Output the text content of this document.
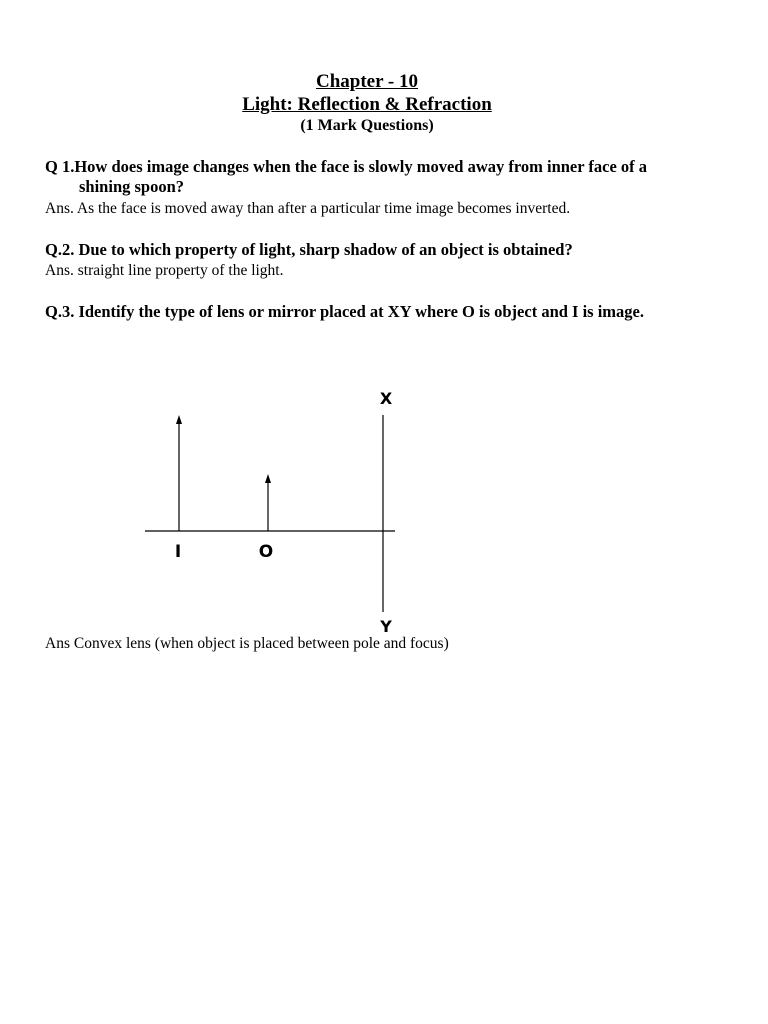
Chapter - 10
Light: Reflection & Refraction
(1 Mark Questions)
Q 1.How does image changes when the face is slowly moved away from inner face of a
shining spoon?
Ans. As the face is moved away than after a particular time image becomes inverted.
Q.2. Due to which property of light, sharp shadow of an object is obtained?
Ans. straight line property of the light.
Q.3. Identify the type of lens or mirror placed at XY where O is object and I is image.
X
Y
I	O
Ans Convex lens (when object is placed between pole and focus)
